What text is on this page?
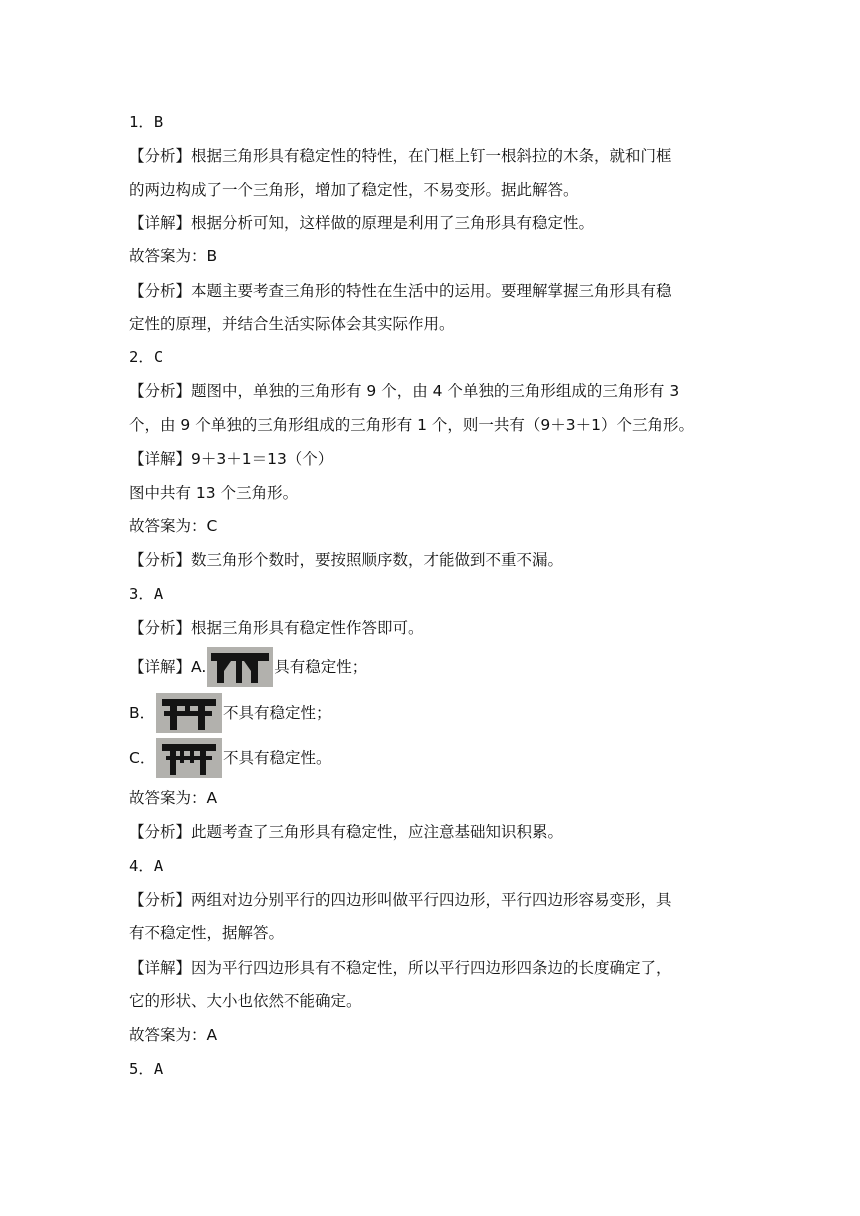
1．B
【分析】根据三角形具有稳定性的特性，在门框上钉一根斜拉的木条，就和门框
的两边构成了一个三角形，增加了稳定性，不易变形。据此解答。
【详解】根据分析可知，这样做的原理是利用了三角形具有稳定性。
故答案为：B
【分析】本题主要考查三角形的特性在生活中的运用。要理解掌握三角形具有稳
定性的原理，并结合生活实际体会其实际作用。
2．C
【分析】题图中，单独的三角形有 9 个，由 4 个单独的三角形组成的三角形有 3
个，由 9 个单独的三角形组成的三角形有 1 个，则一共有（9＋3＋1）个三角形。
【详解】9＋3＋1＝13（个）
图中共有 13 个三角形。
故答案为：C
【分析】数三角形个数时，要按照顺序数，才能做到不重不漏。
3．A
【分析】根据三角形具有稳定性作答即可。
【详解】A.	具有稳定性；
B．	不具有稳定性；
C．	不具有稳定性。
故答案为：A
【分析】此题考查了三角形具有稳定性，应注意基础知识积累。
4．A
【分析】两组对边分别平行的四边形叫做平行四边形，平行四边形容易变形，具
有不稳定性，据解答。
【详解】因为平行四边形具有不稳定性，所以平行四边形四条边的长度确定了，
它的形状、大小也依然不能确定。
故答案为：A
5．A
